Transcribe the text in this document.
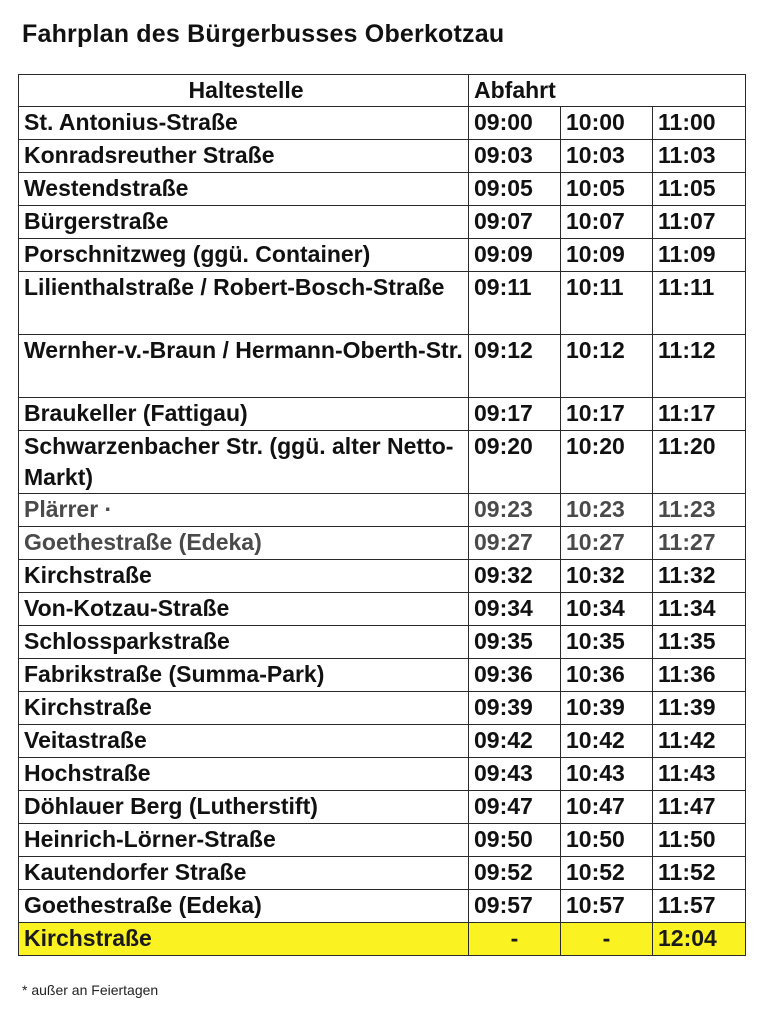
Fahrplan des Bürgerbusses Oberkotzau
Haltestelle	Abfahrt		
St. Antonius-Straße	09:00	10:00	11:00
Konradsreuther Straße	09:03	10:03	11:03
Westendstraße	09:05	10:05	11:05
Bürgerstraße	09:07	10:07	11:07
Porschnitzweg (ggü. Container)	09:09	10:09	11:09
Lilienthalstraße / Robert-Bosch-Straße	09:11	10:11	11:11
Wernher-v.-Braun / Hermann-Oberth-Str.	09:12	10:12	11:12
Braukeller (Fattigau)	09:17	10:17	11:17
Schwarzenbacher Str. (ggü. alter Netto-Markt)	09:20	10:20	11:20
Plärrer ·	09:23	10:23	11:23
Goethestraße (Edeka)	09:27	10:27	11:27
Kirchstraße	09:32	10:32	11:32
Von-Kotzau-Straße	09:34	10:34	11:34
Schlossparkstraße	09:35	10:35	11:35
Fabrikstraße (Summa-Park)	09:36	10:36	11:36
Kirchstraße	09:39	10:39	11:39
Veitastraße	09:42	10:42	11:42
Hochstraße	09:43	10:43	11:43
Döhlauer Berg (Lutherstift)	09:47	10:47	11:47
Heinrich-Lörner-Straße	09:50	10:50	11:50
Kautendorfer Straße	09:52	10:52	11:52
Goethestraße (Edeka)	09:57	10:57	11:57
Kirchstraße	-	-	12:04
* außer an Feiertagen
